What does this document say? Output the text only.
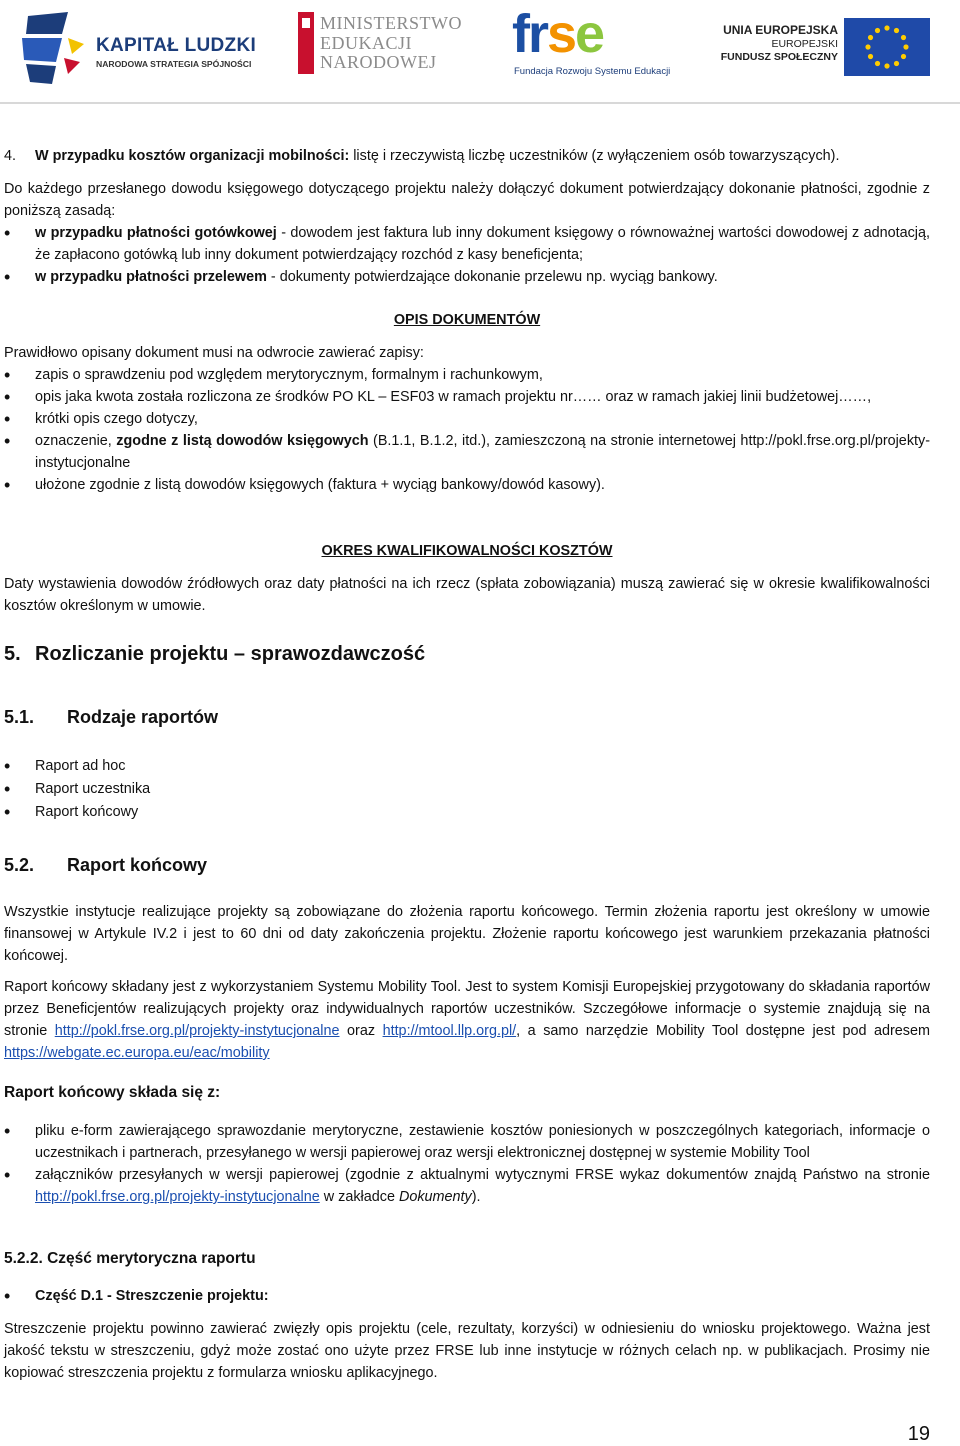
KAPITAŁ LUDZKI
NARODOWA STRATEGIA SPÓJNOŚCI
MINISTERSTWO
EDUKACJI
NARODOWEJ frse
Fundacja Rozwoju Systemu Edukacji
UNIA EUROPEJSKA
EUROPEJSKI
FUNDUSZ SPOŁECZNY

4. W przypadku kosztów organizacji mobilności: listę i rzeczywistą liczbę uczestników (z wyłączeniem osób towarzyszących).

Do każdego przesłanego dowodu księgowego dotyczącego projektu należy dołączyć dokument potwierdzający dokonanie płatności, zgodnie z poniższą zasadą:

• w przypadku płatności gotówkowej - dowodem jest faktura lub inny dokument księgowy o równoważnej wartości dowodowej z adnotacją, że zapłacono gotówką lub inny dokument potwierdzający rozchód z kasy beneficjenta;
• w przypadku płatności przelewem - dokumenty potwierdzające dokonanie przelewu np. wyciąg bankowy.
OPIS DOKUMENTÓW

Prawidłowo opisany dokument musi na odwrocie zawierać zapisy:

• zapis o sprawdzeniu pod względem merytorycznym, formalnym i rachunkowym,
• opis jaka kwota została rozliczona ze środków PO KL – ESF03 w ramach projektu nr…… oraz w ramach jakiej linii budżetowej……,
• krótki opis czego dotyczy,
• oznaczenie, zgodne z listą dowodów księgowych (B.1.1, B.1.2, itd.), zamieszczoną na stronie internetowej http://pokl.frse.org.pl/projekty-instytucjonalne
• ułożone zgodnie z listą dowodów księgowych (faktura + wyciąg bankowy/dowód kasowy).
OKRES KWALIFIKOWALNOŚCI KOSZTÓW

Daty wystawienia dowodów źródłowych oraz daty płatności na ich rzecz (spłata zobowiązania) muszą zawierać się w okresie kwalifikowalności kosztów określonym w umowie.

5. Rozliczanie projektu – sprawozdawczość
5.1. Rodzaje raportów
• Raport ad hoc
• Raport uczestnika
• Raport końcowy
5.2. Raport końcowy

Wszystkie instytucje realizujące projekty są zobowiązane do złożenia raportu końcowego. Termin złożenia raportu jest określony w umowie finansowej w Artykule IV.2 i jest to 60 dni od daty zakończenia projektu. Złożenie raportu końcowego jest warunkiem przekazania płatności końcowej.

Raport końcowy składany jest z wykorzystaniem Systemu Mobility Tool. Jest to system Komisji Europejskiej przygotowany do składania raportów przez Beneficjentów realizujących projekty oraz indywidualnych raportów uczestników. Szczegółowe informacje o systemie znajdują się na stronie http://pokl.frse.org.pl/projekty-instytucjonalne oraz http://mtool.llp.org.pl/, a samo narzędzie Mobility Tool dostępne jest pod adresem https://webgate.ec.europa.eu/eac/mobility

Raport końcowy składa się z:
• pliku e-form zawierającego sprawozdanie merytoryczne, zestawienie kosztów poniesionych w poszczególnych kategoriach, informacje o uczestnikach i partnerach, przesyłanego w wersji papierowej oraz wersji elektronicznej dostępnej w systemie Mobility Tool
• załączników przesyłanych w wersji papierowej (zgodnie z aktualnymi wytycznymi FRSE wykaz dokumentów znajdą Państwo na stronie http://pokl.frse.org.pl/projekty-instytucjonalne w zakładce Dokumenty).
5.2.2. Część merytoryczna raportu
• Część D.1 - Streszczenie projektu:

Streszczenie projektu powinno zawierać zwięzły opis projektu (cele, rezultaty, korzyści) w odniesieniu do wniosku projektowego. Ważna jest jakość tekstu w streszczeniu, gdyż może zostać ono użyte przez FRSE lub inne instytucje w różnych celach np. w publikacjach. Prosimy nie kopiować streszczenia projektu z formularza wniosku aplikacyjnego.

19
